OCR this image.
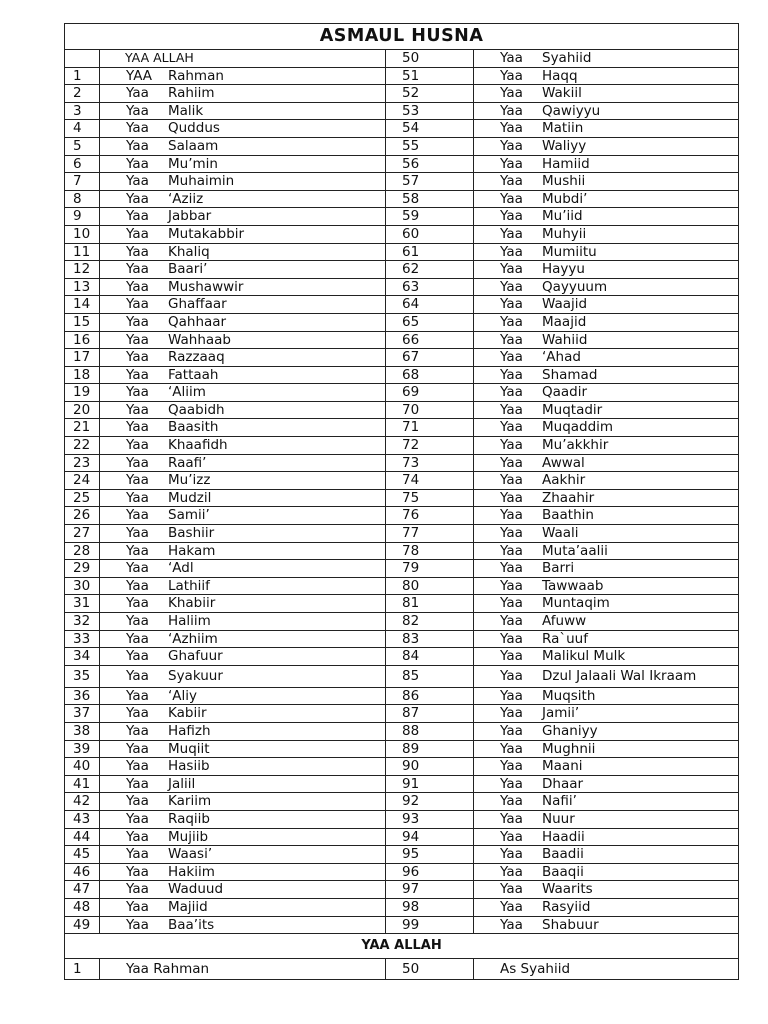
ASMAUL HUSNA			
	YAA ALLAH	50	Yaa Syahiid
1	YAA Rahman	51	Yaa Haqq
2	Yaa Rahiim	52	Yaa Wakiil
3	Yaa Malik	53	Yaa Qawiyyu
4	Yaa Quddus	54	Yaa Matiin
5	Yaa Salaam	55	Yaa Waliyy
6	Yaa Mu’min	56	Yaa Hamiid
7	Yaa Muhaimin	57	Yaa Mushii
8	Yaa ‘Aziiz	58	Yaa Mubdi’
9	Yaa Jabbar	59	Yaa Mu’iid
10	Yaa Mutakabbir	60	Yaa Muhyii
11	Yaa Khaliq	61	Yaa Mumiitu
12	Yaa Baari’	62	Yaa Hayyu
13	Yaa Mushawwir	63	Yaa Qayyuum
14	Yaa Ghaffaar	64	Yaa Waajid
15	Yaa Qahhaar	65	Yaa Maajid
16	Yaa Wahhaab	66	Yaa Wahiid
17	Yaa Razzaaq	67	Yaa ‘Ahad
18	Yaa Fattaah	68	Yaa Shamad
19	Yaa ‘Aliim	69	Yaa Qaadir
20	Yaa Qaabidh	70	Yaa Muqtadir
21	Yaa Baasith	71	Yaa Muqaddim
22	Yaa Khaafidh	72	Yaa Mu’akkhir
23	Yaa Raafi’	73	Yaa Awwal
24	Yaa Mu’izz	74	Yaa Aakhir
25	Yaa Mudzil	75	Yaa Zhaahir
26	Yaa Samii’	76	Yaa Baathin
27	Yaa Bashiir	77	Yaa Waali
28	Yaa Hakam	78	Yaa Muta’aalii
29	Yaa ‘Adl	79	Yaa Barri
30	Yaa Lathiif	80	Yaa Tawwaab
31	Yaa Khabiir	81	Yaa Muntaqim
32	Yaa Haliim	82	Yaa Afuww
33	Yaa ‘Azhiim	83	Yaa Ra`uuf
34	Yaa Ghafuur	84	Yaa Malikul Mulk
35	Yaa Syakuur	85	Yaa Dzul Jalaali Wal Ikraam
36	Yaa ‘Aliy	86	Yaa Muqsith
37	Yaa Kabiir	87	Yaa Jamii’
38	Yaa Hafizh	88	Yaa Ghaniyy
39	Yaa Muqiit	89	Yaa Mughnii
40	Yaa Hasiib	90	Yaa Maani
41	Yaa Jaliil	91	Yaa Dhaar
42	Yaa Kariim	92	Yaa Nafii’
43	Yaa Raqiib	93	Yaa Nuur
44	Yaa Mujiib	94	Yaa Haadii
45	Yaa Waasi’	95	Yaa Baadii
46	Yaa Hakiim	96	Yaa Baaqii
47	Yaa Waduud	97	Yaa Waarits
48	Yaa Majiid	98	Yaa Rasyiid
49	Yaa Baa’its	99	Yaa Shabuur
YAA ALLAH			
1	Yaa Rahman	50	As Syahiid
